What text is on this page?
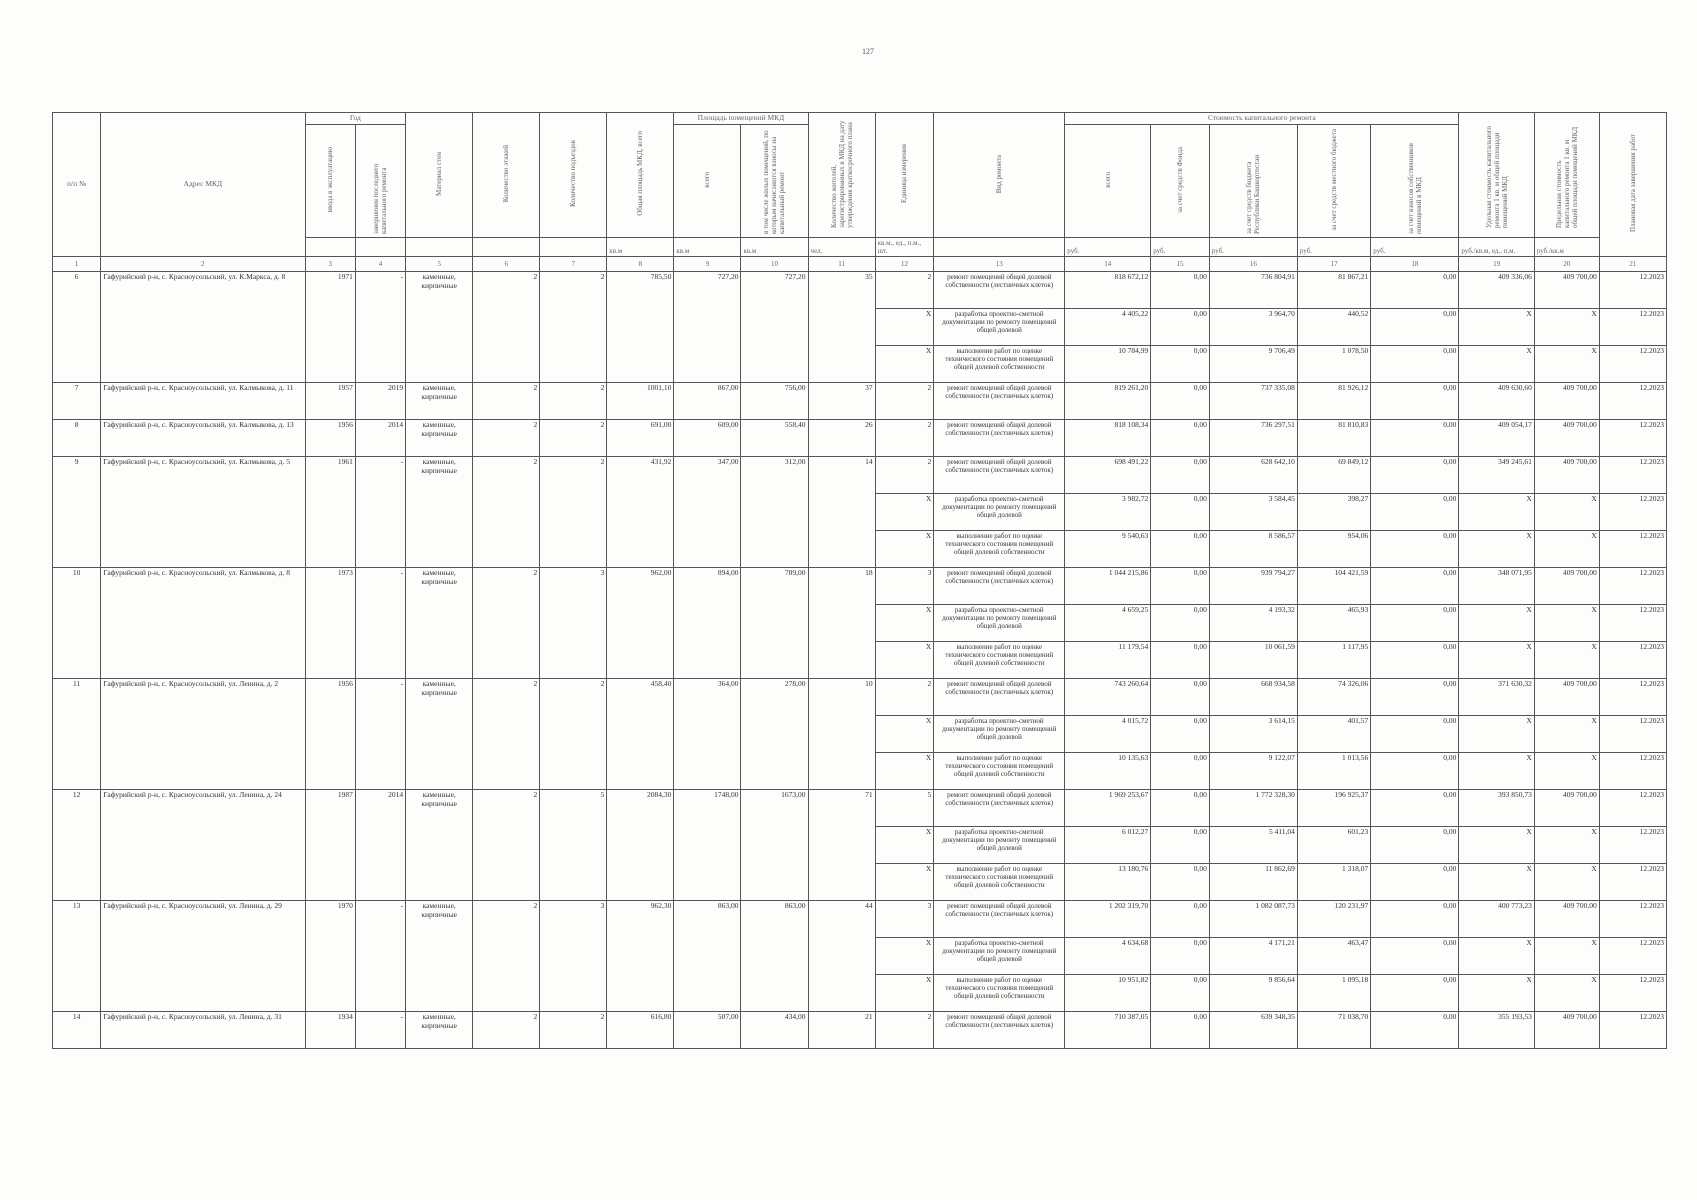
127
п/п №	Адрес МКД	Год		Материал стен	Количество этажей	Количество подъездов	Общая площадь МКД, всего	Площадь помещений МКД		Количество жителей, зарегистрированных в МКД на дату утверждения краткосрочного плана	Единица измерения	Вид ремонта	Стоимость капитального ремонта					Удельная стоимость капитального ремонта 1 кв. м общей площади помещений МКД	Предельная стоимость капитального ремонта 1 кв. м общей площади помещений МКД	Плановая дата завершения работ
		ввода в эксплуатацию	завершения последнего капитального ремонта					всего	в том числе жилых помещений, по которым начисляются взносы на капитальный ремонт				всего	за счет средств Фонда	за счет средств бюджета Республики Башкортостан	за счет средств местного бюджета	за счет взносов собственников помещений в МКД			
							кв.м	кв.м	кв.м	чел.	кв.м., ед., п.м., шт.		руб.	руб.	руб.	руб.	руб.	руб./кв.м, ед., п.м.	руб./кв.м	
1	2	3	4	5	6	7	8	9	10	11	12	13	14	15	16	17	18	19	20	21
6	Гафурийский р-н, с. Красноусольский, ул. К.Маркса, д. 8	1971	-	каменные, кирпичные	2	2	785,50	727,20	727,20	35	2	ремонт помещений общей долевой собственности (лестничных клеток)	818 672,12	0,00	736 804,91	81 867,21	0,00	409 336,06	409 700,00	12.2023
											X	разработка проектно-сметной документации по ремонту помещений общей долевой	4 405,22	0,00	3 964,70	440,52	0,00	X	X	12.2023
											X	выполнение работ по оценке технического состояния помещений общей долевой собственности	10 784,99	0,00	9 706,49	1 078,50	0,00	X	X	12.2023
7	Гафурийский р-н, с. Красноусольский, ул. Калмыкова, д. 11	1957	2019	каменные, кирпичные	2	2	1001,10	867,00	756,00	37	2	ремонт помещений общей долевой собственности (лестничных клеток)	819 261,20	0,00	737 335,08	81 926,12	0,00	409 630,60	409 700,00	12.2023
8	Гафурийский р-н, с. Красноусольский, ул. Калмыкова, д. 13	1956	2014	каменные, кирпичные	2	2	691,00	609,00	558,40	26	2	ремонт помещений общей долевой собственности (лестничных клеток)	818 108,34	0,00	736 297,51	81 810,83	0,00	409 054,17	409 700,00	12.2023
9	Гафурийский р-н, с. Красноусольский, ул. Калмыкова, д. 5	1961	-	каменные, кирпичные	2	2	431,92	347,00	312,00	14	2	ремонт помещений общей долевой собственности (лестничных клеток)	698 491,22	0,00	628 642,10	69 849,12	0,00	349 245,61	409 700,00	12.2023
											X	разработка проектно-сметной документации по ремонту помещений общей долевой	3 982,72	0,00	3 584,45	398,27	0,00	X	X	12.2023
											X	выполнение работ по оценке технического состояния помещений общей долевой собственности	9 540,63	0,00	8 586,57	954,06	0,00	X	X	12.2023
10	Гафурийский р-н, с. Красноусольский, ул. Калмыкова, д. 8	1973	-	каменные, кирпичные	2	3	962,00	894,00	789,00	18	3	ремонт помещений общей долевой собственности (лестничных клеток)	1 044 215,86	0,00	939 794,27	104 421,59	0,00	348 071,95	409 700,00	12.2023
											X	разработка проектно-сметной документации по ремонту помещений общей долевой	4 659,25	0,00	4 193,32	465,93	0,00	X	X	12.2023
											X	выполнение работ по оценке технического состояния помещений общей долевой собственности	11 179,54	0,00	10 061,59	1 117,95	0,00	X	X	12.2023
11	Гафурийский р-н, с. Красноусольский, ул. Ленина, д. 2	1956	-	каменные, кирпичные	2	2	458,40	364,00	278,00	10	2	ремонт помещений общей долевой собственности (лестничных клеток)	743 260,64	0,00	668 934,58	74 326,06	0,00	371 630,32	409 700,00	12.2023
											X	разработка проектно-сметной документации по ремонту помещений общей долевой	4 015,72	0,00	3 614,15	401,57	0,00	X	X	12.2023
											X	выполнение работ по оценке технического состояния помещений общей долевой собственности	10 135,63	0,00	9 122,07	1 013,56	0,00	X	X	12.2023
12	Гафурийский р-н, с. Красноусольский, ул. Ленина, д. 24	1987	2014	каменные, кирпичные	2	5	2084,30	1748,00	1673,00	71	5	ремонт помещений общей долевой собственности (лестничных клеток)	1 969 253,67	0,00	1 772 328,30	196 925,37	0,00	393 850,73	409 700,00	12.2023
											X	разработка проектно-сметной документации по ремонту помещений общей долевой	6 012,27	0,00	5 411,04	601,23	0,00	X	X	12.2023
											X	выполнение работ по оценке технического состояния помещений общей долевой собственности	13 180,76	0,00	11 862,69	1 318,07	0,00	X	X	12.2023
13	Гафурийский р-н, с. Красноусольский, ул. Ленина, д. 29	1970	-	каменные, кирпичные	2	3	962,30	863,00	863,00	44	3	ремонт помещений общей долевой собственности (лестничных клеток)	1 202 319,70	0,00	1 082 087,73	120 231,97	0,00	400 773,23	409 700,00	12.2023
											X	разработка проектно-сметной документации по ремонту помещений общей долевой	4 634,68	0,00	4 171,21	463,47	0,00	X	X	12.2023
											X	выполнение работ по оценке технического состояния помещений общей долевой собственности	10 951,82	0,00	9 856,64	1 095,18	0,00	X	X	12.2023
14	Гафурийский р-н, с. Красноусольский, ул. Ленина, д. 31	1934	-	каменные, кирпичные	2	2	616,80	507,00	434,00	21	2	ремонт помещений общей долевой собственности (лестничных клеток)	710 387,05	0,00	639 348,35	71 038,70	0,00	355 193,53	409 700,00	12.2023
